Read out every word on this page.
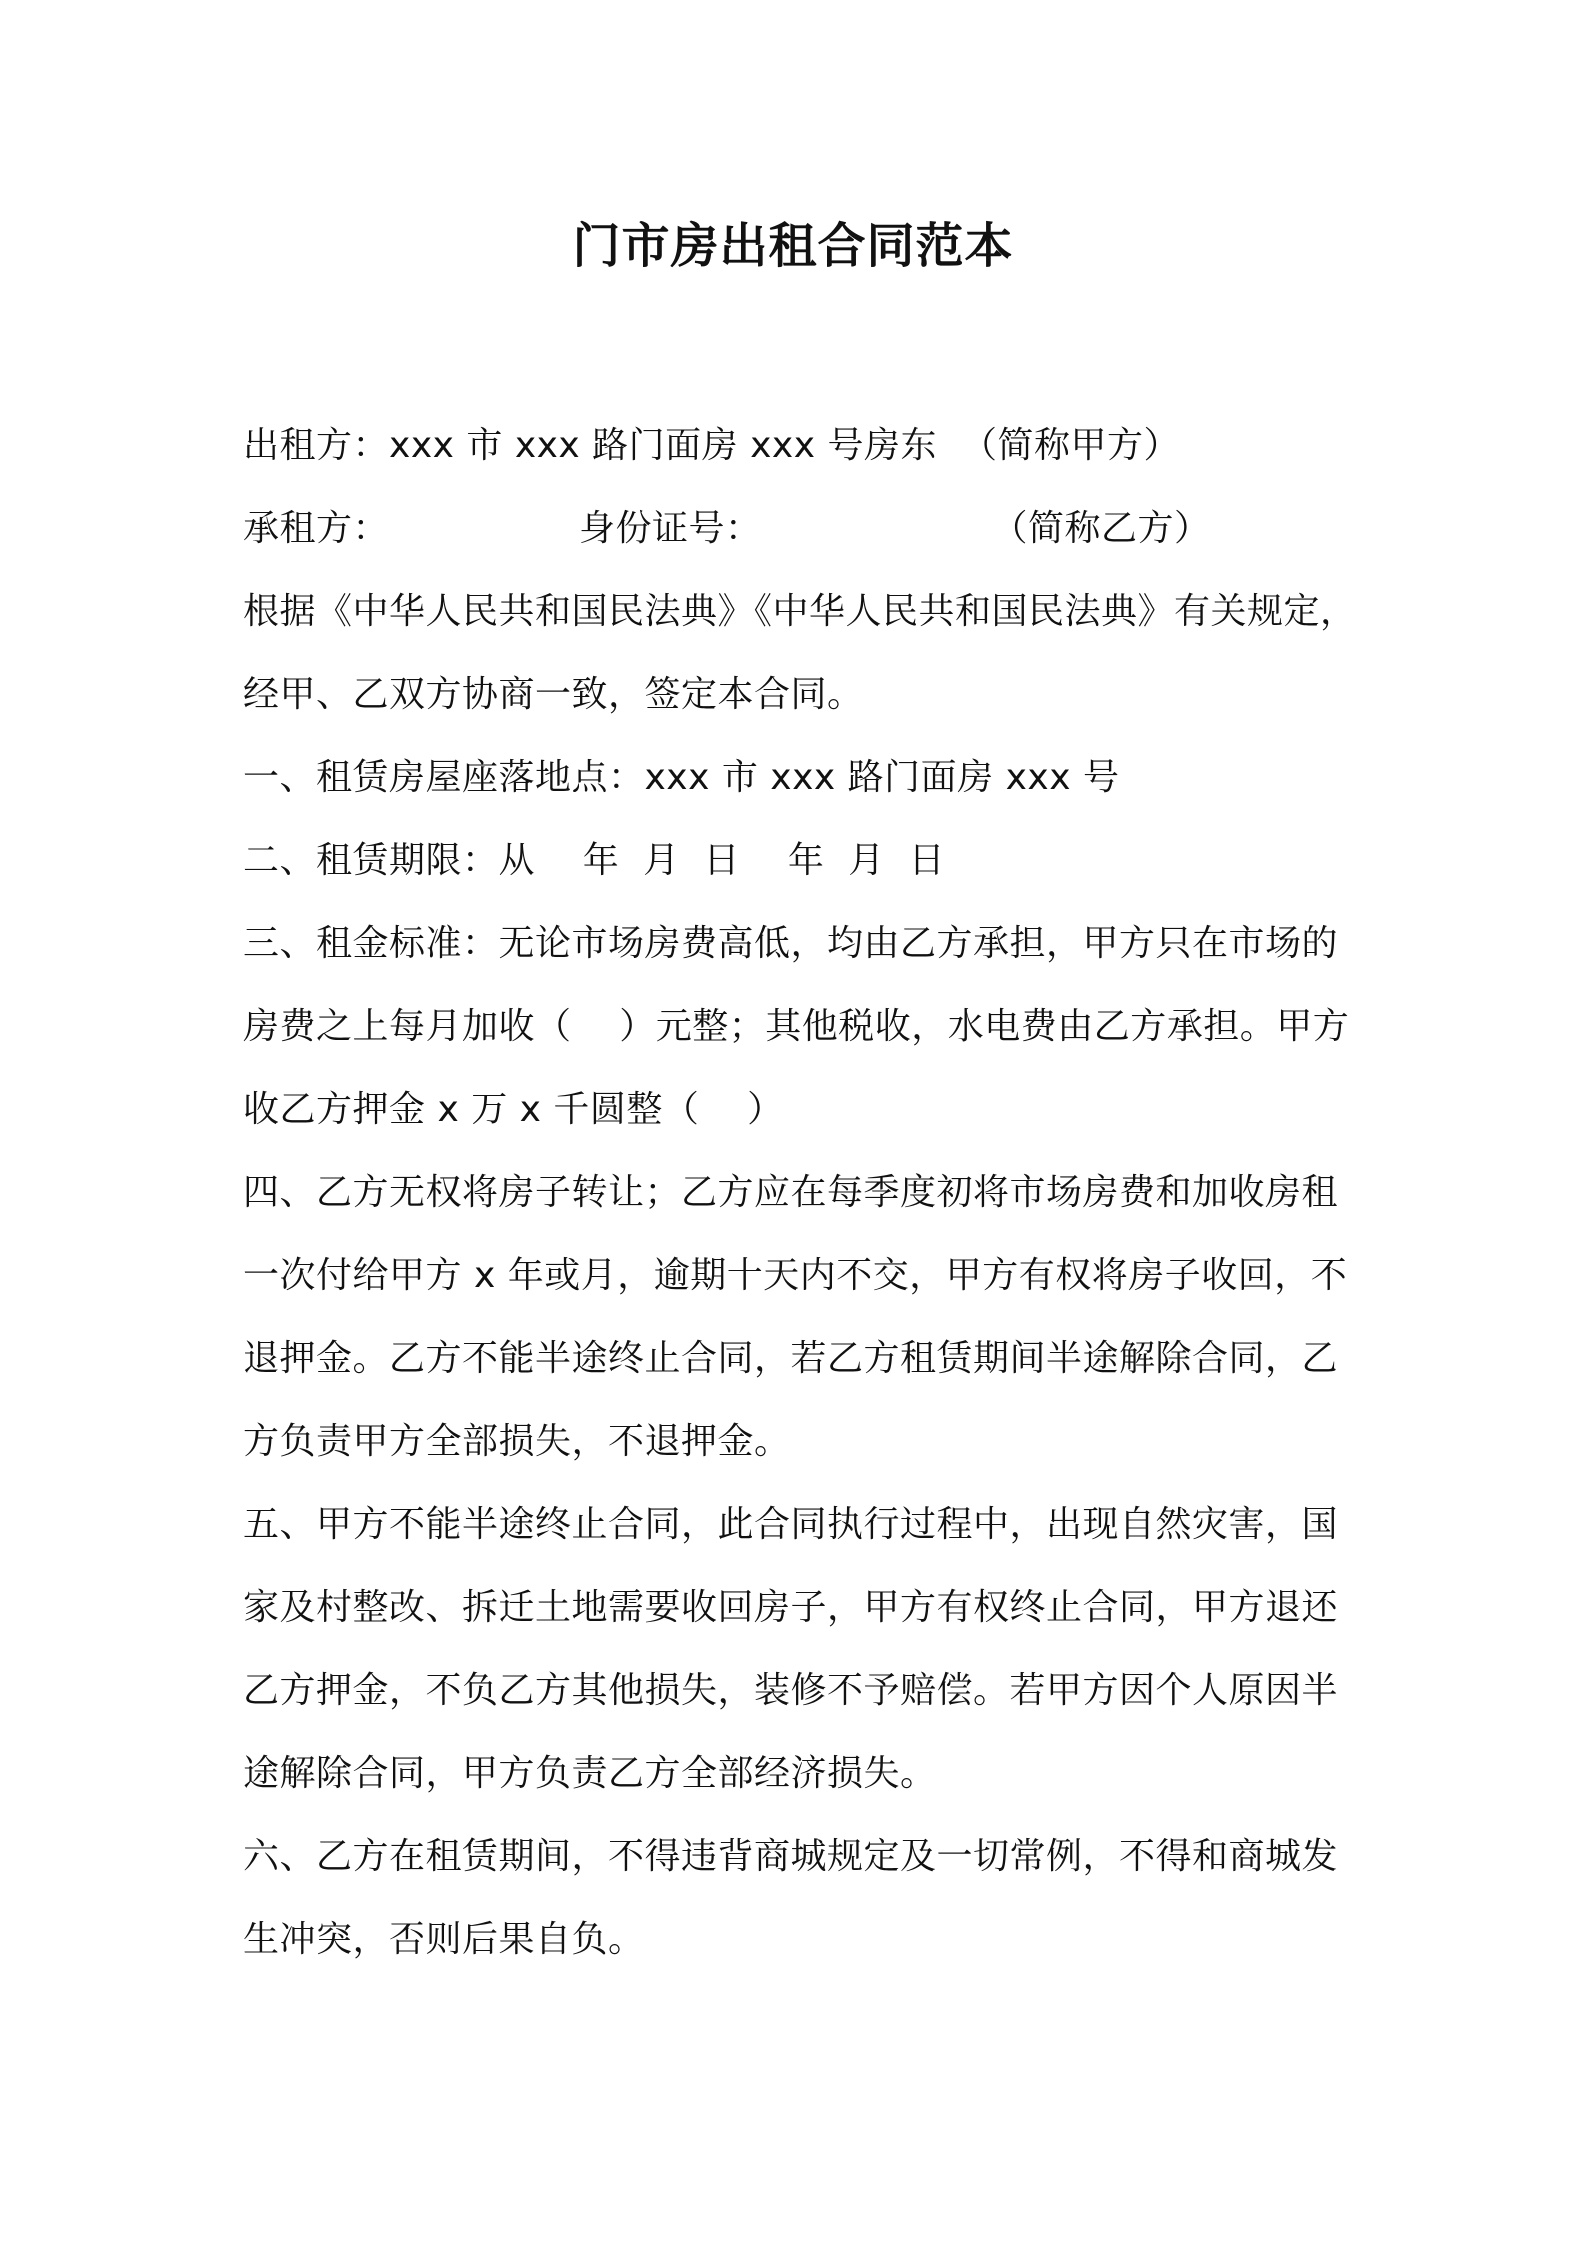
门市房出租合同范本
出租方：xxx 市 xxx 路门面房 xxx 号房东 （简称甲方）
承租方：	身份证号：	（简称乙方）
根据《中华人民共和国民法典》《中华人民共和国民法典》有关规定，
经甲、乙双方协商一致，签定本合同。
一、租赁房屋座落地点：xxx 市 xxx 路门面房 xxx 号
二、租赁期限：从    年  月  日    年  月  日
三、租金标准：无论市场房费高低，均由乙方承担，甲方只在市场的
房费之上每月加收（    ）元整；其他税收，水电费由乙方承担。甲方
收乙方押金 x 万 x 千圆整（    ）
四、乙方无权将房子转让；乙方应在每季度初将市场房费和加收房租
一次付给甲方 x 年或月，逾期十天内不交，甲方有权将房子收回，不
退押金。乙方不能半途终止合同，若乙方租赁期间半途解除合同，乙
方负责甲方全部损失，不退押金。
五、甲方不能半途终止合同，此合同执行过程中，出现自然灾害，国
家及村整改、拆迁土地需要收回房子，甲方有权终止合同，甲方退还
乙方押金，不负乙方其他损失，装修不予赔偿。若甲方因个人原因半
途解除合同，甲方负责乙方全部经济损失。
六、乙方在租赁期间，不得违背商城规定及一切常例，不得和商城发
生冲突，否则后果自负。
